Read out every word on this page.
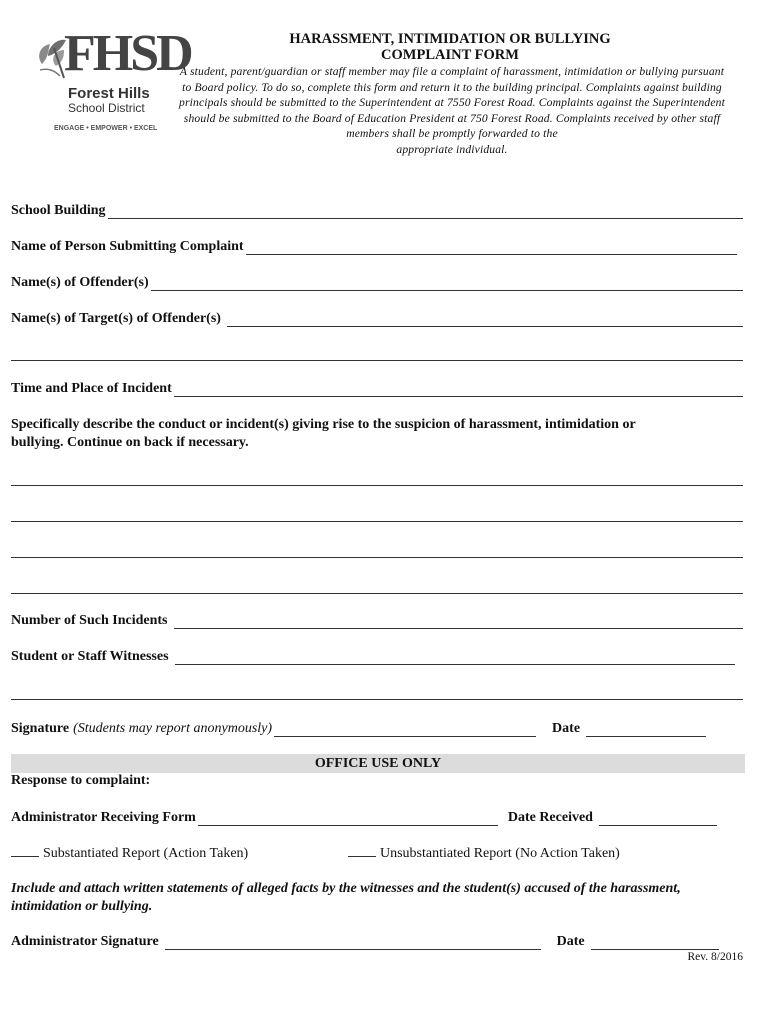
FHSD
Forest Hills
School District
ENGAGE • EMPOWER • EXCEL
HARASSMENT, INTIMIDATION OR BULLYING
COMPLAINT FORM
A student, parent/guardian or staff member may file a complaint of harassment, intimidation or bullying pursuant
to Board policy. To do so, complete this form and return it to the building principal. Complaints against building
principals should be submitted to the Superintendent at 7550 Forest Road. Complaints against the Superintendent
should be submitted to the Board of Education President at 750 Forest Road. Complaints received by other staff
members shall be promptly forwarded to the
appropriate individual.
School Building
Name of Person Submitting Complaint
Name(s) of Offender(s)
Name(s) of Target(s) of Offender(s)
Time and Place of Incident
Specifically describe the conduct or incident(s) giving rise to the suspicion of harassment, intimidation or
bullying. Continue on back if necessary.
Number of Such Incidents
Student or Staff Witnesses
Signature (Students may report anonymously)	Date
OFFICE USE ONLY
Response to complaint:
Administrator Receiving Form	Date Received
Substantiated Report (Action Taken)	Unsubstantiated Report (No Action Taken)
Include and attach written statements of alleged facts by the witnesses and the student(s) accused of the harassment,
intimidation or bullying.
Administrator Signature	Date
Rev. 8/2016
